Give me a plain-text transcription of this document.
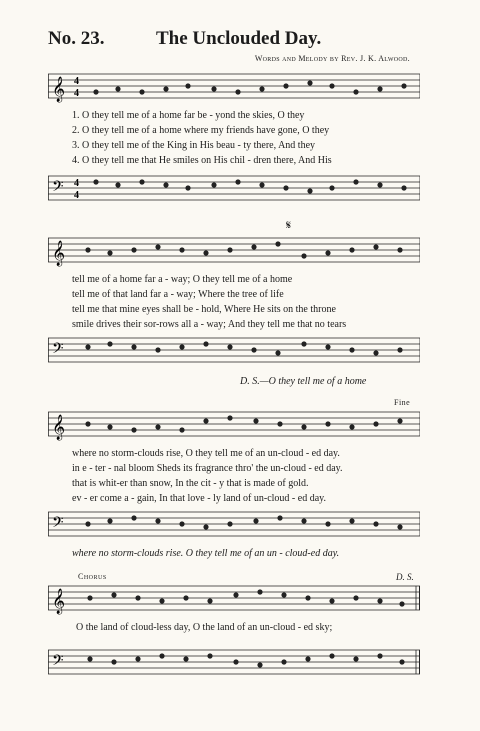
No. 23.	The Unclouded Day.
Words and Melody by Rev. J. K. Alwood.
𝄞 4
4
1. O they tell me of a home far be - yond the skies, O they
2. O they tell me of a home where my friends have gone, O they
3. O they tell me of the King in His beau - ty there, And they
4. O they tell me that He smiles on His chil - dren there, And His
𝄢 4
4
𝄋
𝄞
tell me of a home far a - way; O they tell me of a home
tell me of that land far a - way; Where the tree of life
tell me that mine eyes shall be - hold, Where He sits on the throne
smile drives their sor-rows all a - way; And they tell me that no tears
𝄢
D. S.—O they tell me of a home
Fine
𝄞
where no storm-clouds rise, O they tell me of an un-cloud - ed day.
in e - ter - nal bloom Sheds its fragrance thro' the un-cloud - ed day.
that is whit-er than snow, In the cit - y that is made of gold.
ev - er come a - gain, In that love - ly land of un-cloud - ed day.
𝄢
where no storm-clouds rise. O they tell me of an un - cloud-ed day.
Chorus	D. S.
𝄞
O the land of cloud-less day, O the land of an un-cloud - ed sky;
𝄢
